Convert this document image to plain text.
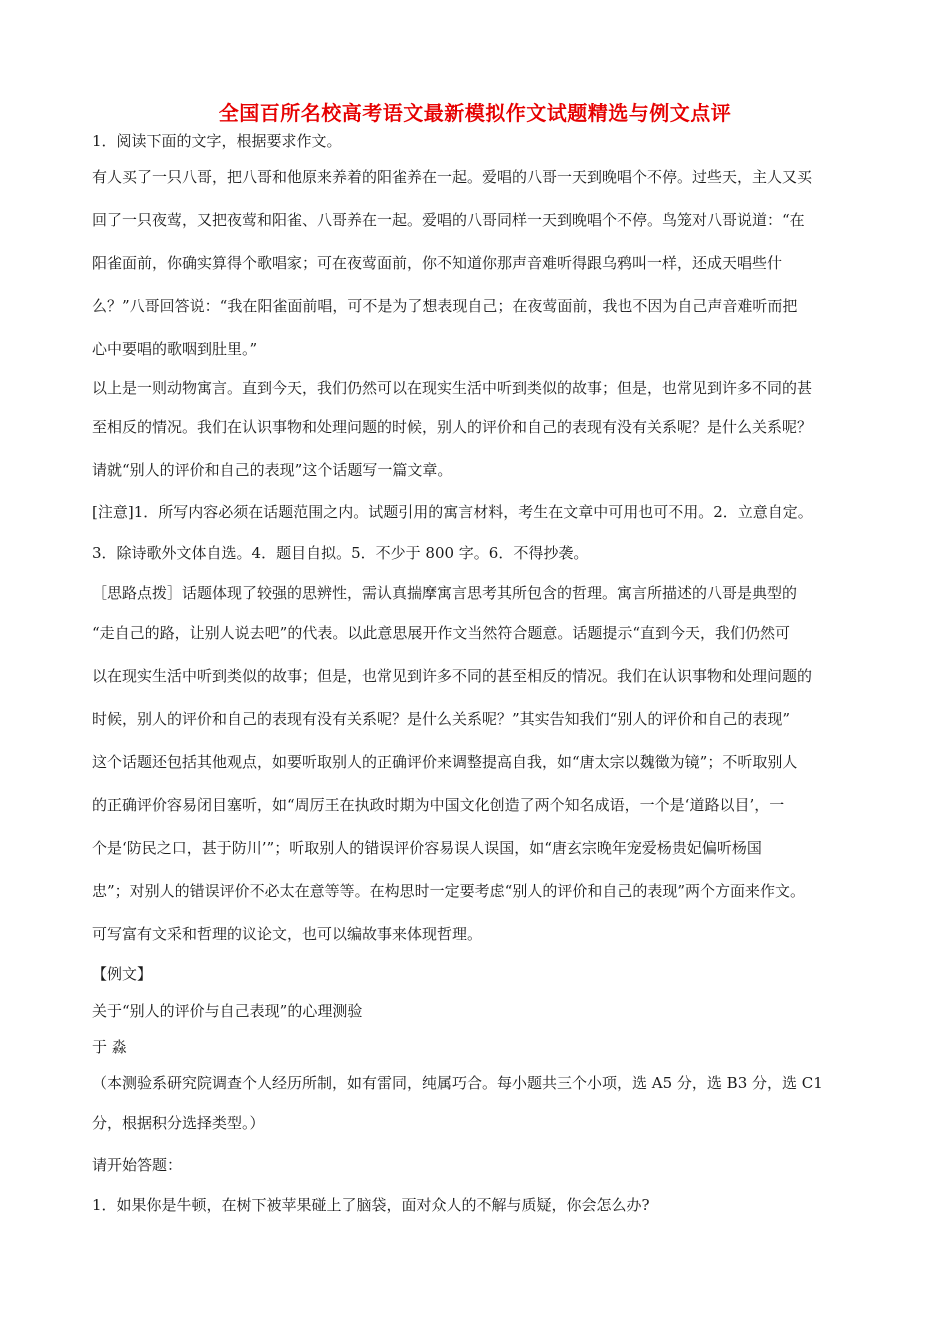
全国百所名校高考语文最新模拟作文试题精选与例文点评

1．阅读下面的文字，根据要求作文。

有人买了一只八哥，把八哥和他原来养着的阳雀养在一起。爱唱的八哥一天到晚唱个不停。过些天，主人又买

回了一只夜莺，又把夜莺和阳雀、八哥养在一起。爱唱的八哥同样一天到晚唱个不停。鸟笼对八哥说道：“在

阳雀面前，你确实算得个歌唱家；可在夜莺面前，你不知道你那声音难听得跟乌鸦叫一样，还成天唱些什

么？”八哥回答说：“我在阳雀面前唱，可不是为了想表现自己；在夜莺面前，我也不因为自己声音难听而把

心中要唱的歌咽到肚里。”

以上是一则动物寓言。直到今天，我们仍然可以在现实生活中听到类似的故事；但是，也常见到许多不同的甚

至相反的情况。我们在认识事物和处理问题的时候，别人的评价和自己的表现有没有关系呢？是什么关系呢？

请就“别人的评价和自己的表现”这个话题写一篇文章。

[注意]1．所写内容必须在话题范围之内。试题引用的寓言材料，考生在文章中可用也可不用。2．立意自定。

3．除诗歌外文体自选。4．题目自拟。5．不少于 800 字。6．不得抄袭。

［思路点拨］话题体现了较强的思辨性，需认真揣摩寓言思考其所包含的哲理。寓言所描述的八哥是典型的

“走自己的路，让别人说去吧”的代表。以此意思展开作文当然符合题意。话题提示“直到今天，我们仍然可

以在现实生活中听到类似的故事；但是，也常见到许多不同的甚至相反的情况。我们在认识事物和处理问题的

时候，别人的评价和自己的表现有没有关系呢？是什么关系呢？”其实告知我们“别人的评价和自己的表现”

这个话题还包括其他观点，如要听取别人的正确评价来调整提高自我，如“唐太宗以魏徵为镜”；不听取别人

的正确评价容易闭目塞听，如“周厉王在执政时期为中国文化创造了两个知名成语，一个是‘道路以目’，一

个是‘防民之口，甚于防川’”；听取别人的错误评价容易误人误国，如“唐玄宗晚年宠爱杨贵妃偏听杨国

忠”；对别人的错误评价不必太在意等等。在构思时一定要考虑“别人的评价和自己的表现”两个方面来作文。

可写富有文采和哲理的议论文，也可以编故事来体现哲理。

【例文】

关于“别人的评价与自己表现”的心理测验

于 淼

（本测验系研究院调查个人经历所制，如有雷同，纯属巧合。每小题共三个小项，选 A5 分，选 B3 分，选 C1

分，根据积分选择类型。）

请开始答题：

1．如果你是牛顿，在树下被苹果碰上了脑袋，面对众人的不解与质疑，你会怎么办?
